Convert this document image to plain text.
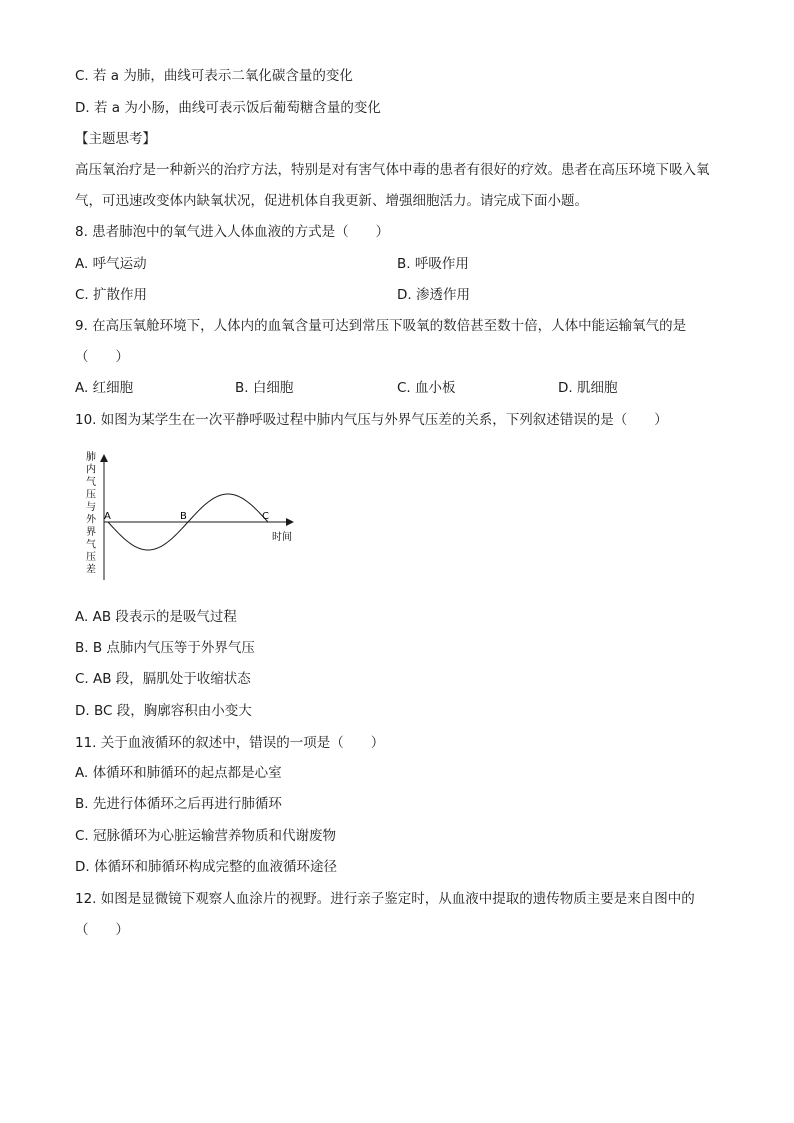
C. 若 a 为肺，曲线可表示二氧化碳含量的变化
D. 若 a 为小肠，曲线可表示饭后葡萄糖含量的变化
【主题思考】
高压氧治疗是一种新兴的治疗方法，特别是对有害气体中毒的患者有很好的疗效。患者在高压环境下吸入氧气，可迅速改变体内缺氧状况，促进机体自我更新、增强细胞活力。请完成下面小题。
8. 患者肺泡中的氧气进入人体血液的方式是（　　）
A. 呼气运动	B. 呼吸作用
C. 扩散作用	D. 渗透作用
9. 在高压氧舱环境下，人体内的血氧含量可达到常压下吸氧的数倍甚至数十倍，人体中能运输氧气的是
（　　）
A. 红细胞	B. 白细胞	C. 血小板	D. 肌细胞
10. 如图为某学生在一次平静呼吸过程中肺内气压与外界气压差的关系，下列叙述错误的是（　　）
肺
内
气
压
与
外
界
气
压
差
A	B	C
时间
A. AB 段表示的是吸气过程
B. B 点肺内气压等于外界气压
C. AB 段，膈肌处于收缩状态
D. BC 段，胸廓容积由小变大
11. 关于血液循环的叙述中，错误的一项是（　　）
A. 体循环和肺循环的起点都是心室
B. 先进行体循环之后再进行肺循环
C. 冠脉循环为心脏运输营养物质和代谢废物
D. 体循环和肺循环构成完整的血液循环途径
12. 如图是显微镜下观察人血涂片的视野。进行亲子鉴定时，从血液中提取的遗传物质主要是来自图中的
（　　）
